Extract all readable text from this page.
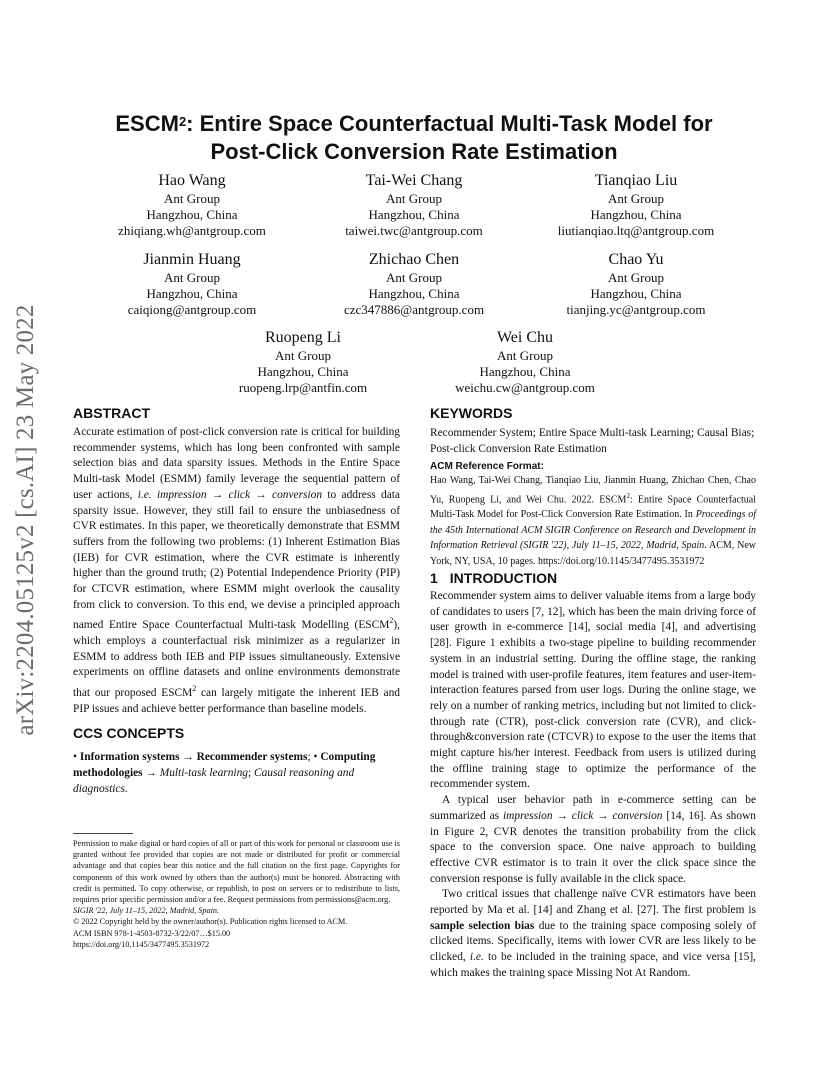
arXiv:2204.05125v2 [cs.AI] 23 May 2022
ESCM$^2$: Entire Space Counterfactual Multi-Task Model for
Post-Click Conversion Rate Estimation
Hao Wang
Ant Group
Hangzhou, China
zhiqiang.wh@antgroup.com
Tai-Wei Chang
Ant Group
Hangzhou, China
taiwei.twc@antgroup.com
Tianqiao Liu
Ant Group
Hangzhou, China
liutianqiao.ltq@antgroup.com
Jianmin Huang
Ant Group
Hangzhou, China
caiqiong@antgroup.com
Zhichao Chen
Ant Group
Hangzhou, China
czc347886@antgroup.com
Chao Yu
Ant Group
Hangzhou, China
tianjing.yc@antgroup.com
Ruopeng Li
Ant Group
Hangzhou, China
ruopeng.lrp@antfin.com
Wei Chu
Ant Group
Hangzhou, China
weichu.cw@antgroup.com
ABSTRACT
Accurate estimation of post-click conversion rate is critical for building recommender systems, which has long been confronted with sample selection bias and data sparsity issues. Methods in the Entire Space Multi-task Model (ESMM) family leverage the sequential pattern of user actions, i.e. impression → click → conversion to address data sparsity issue. However, they still fail to ensure the unbiasedness of CVR estimates. In this paper, we theoretically demonstrate that ESMM suffers from the following two problems: (1) Inherent Estimation Bias (IEB) for CVR estimation, where the CVR estimate is inherently higher than the ground truth; (2) Potential Independence Priority (PIP) for CTCVR estimation, where ESMM might overlook the causality from click to conversion. To this end, we devise a principled approach named Entire Space Counterfactual Multi-task Modelling (ESCM$^2$), which employs a counterfactual risk minimizer as a regularizer in ESMM to address both IEB and PIP issues simultaneously. Extensive experiments on offline datasets and online environments demonstrate that our proposed ESCM$^2$ can largely mitigate the inherent IEB and PIP issues and achieve better performance than baseline models.
CCS CONCEPTS
• Information systems → Recommender systems; • Computing methodologies → Multi-task learning; Causal reasoning and diagnostics.
Permission to make digital or hard copies of all or part of this work for personal or classroom use is granted without fee provided that copies are not made or distributed for profit or commercial advantage and that copies bear this notice and the full citation on the first page. Copyrights for components of this work owned by others than the author(s) must be honored. Abstracting with credit is permitted. To copy otherwise, or republish, to post on servers or to redistribute to lists, requires prior specific permission and/or a fee. Request permissions from permissions@acm.org.
SIGIR '22, July 11–15, 2022, Madrid, Spain.
© 2022 Copyright held by the owner/author(s). Publication rights licensed to ACM.
ACM ISBN 978-1-4503-8732-3/22/07…$15.00
https://doi.org/10.1145/3477495.3531972
KEYWORDS
Recommender System; Entire Space Multi-task Learning; Causal Bias; Post-click Conversion Rate Estimation
ACM Reference Format:
Hao Wang, Tai-Wei Chang, Tianqiao Liu, Jianmin Huang, Zhichao Chen, Chao Yu, Ruopeng Li, and Wei Chu. 2022. ESCM$^2$: Entire Space Counterfactual Multi-Task Model for Post-Click Conversion Rate Estimation. In Proceedings of the 45th International ACM SIGIR Conference on Research and Development in Information Retrieval (SIGIR '22), July 11–15, 2022, Madrid, Spain. ACM, New York, NY, USA, 10 pages. https://doi.org/10.1145/3477495.3531972
1 INTRODUCTION

Recommender system aims to deliver valuable items from a large body of candidates to users [7, 12], which has been the main driving force of user growth in e-commerce [14], social media [4], and advertising [28]. Figure 1 exhibits a two-stage pipeline to building recommender system in an industrial setting. During the offline stage, the ranking model is trained with user-profile features, item features and user-item-interaction features parsed from user logs. During the online stage, we rely on a number of ranking metrics, including but not limited to click-through rate (CTR), post-click conversion rate (CVR), and click-through&conversion rate (CTCVR) to expose to the user the items that might capture his/her interest. Feedback from users is utilized during the offline training stage to optimize the performance of the recommender system.

A typical user behavior path in e-commerce setting can be summarized as impression → click → conversion [14, 16]. As shown in Figure 2, CVR denotes the transition probability from the click space to the conversion space. One naive approach to building effective CVR estimator is to train it over the click space since the conversion response is fully available in the click space.

Two critical issues that challenge naïve CVR estimators have been reported by Ma et al. [14] and Zhang et al. [27]. The first problem is sample selection bias due to the training space composing solely of clicked items. Specifically, items with lower CVR are less likely to be clicked, i.e. to be included in the training space, and vice versa [15], which makes the training space Missing Not At Random.
